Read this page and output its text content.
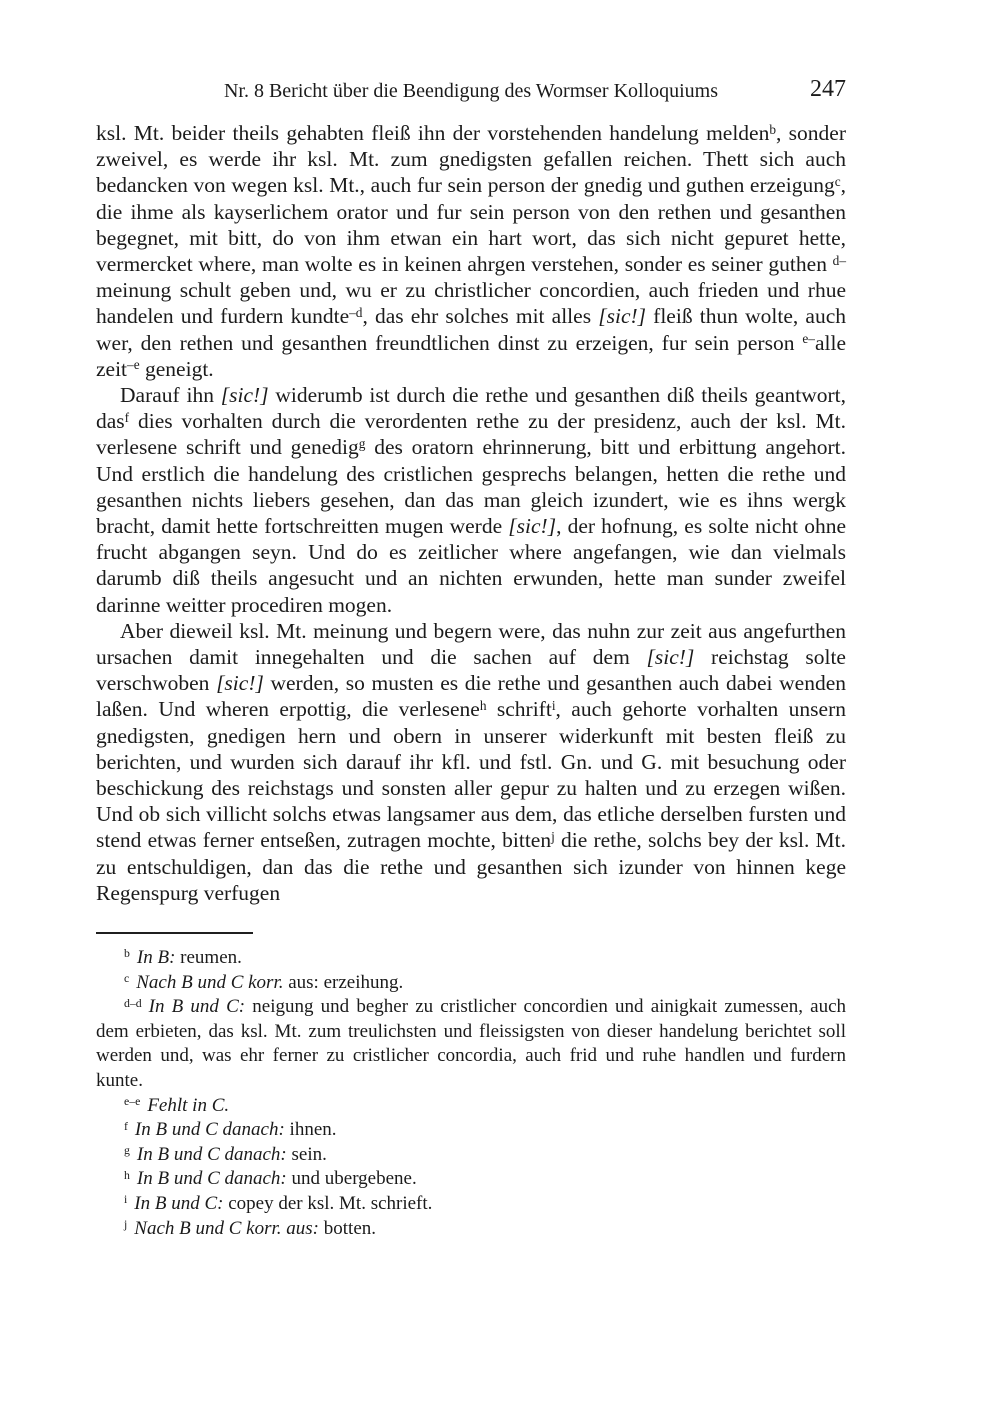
Nr. 8 Bericht über die Beendigung des Wormser Kolloquiums	247

ksl. Mt. beider theils gehabten fleiß ihn der vorstehenden handelung melden$^b$, sonder zweivel, es werde ihr ksl. Mt. zum gnedigsten gefallen reichen. Thett sich auch bedancken von wegen ksl. Mt., auch fur sein person der gnedig und guthen erzeigung$^c$, die ihme als kayserlichem orator und fur sein person von den rethen und gesanthen begegnet, mit bitt, do von ihm etwan ein hart wort, das sich nicht gepuret hette, vermercket where, man wolte es in keinen ahrgen verstehen, sonder es seiner guthen $^{d-}$meinung schult geben und, wu er zu christlicher concordien, auch frieden und rhue handelen und furdern kundte$^{-d}$, das ehr solches mit alles [sic!] fleiß thun wolte, auch wer, den rethen und gesanthen freundtlichen dinst zu erzeigen, fur sein person $^{e-}$alle zeit$^{-e}$ geneigt.

Darauf ihn [sic!] widerumb ist durch die rethe und gesanthen diß theils geantwort, das$^f$ dies vorhalten durch die verordenten rethe zu der presidenz, auch der ksl. Mt. verlesene schrift und genedig$^g$ des oratorn ehrinnerung, bitt und erbittung angehort. Und erstlich die handelung des cristlichen gesprechs belangen, hetten die rethe und gesanthen nichts liebers gesehen, dan das man gleich izundert, wie es ihns wergk bracht, damit hette fortschreitten mugen werde [sic!], der hofnung, es solte nicht ohne frucht abgangen seyn. Und do es zeitlicher where angefangen, wie dan vielmals darumb diß theils angesucht und an nichten erwunden, hette man sunder zweifel darinne weitter procediren mogen.

Aber dieweil ksl. Mt. meinung und begern were, das nuhn zur zeit aus angefurthen ursachen damit innegehalten und die sachen auf dem [sic!] reichstag solte verschwoben [sic!] werden, so musten es die rethe und gesanthen auch dabei wenden laßen. Und wheren erpottig, die verlesene$^h$ schrift$^i$, auch gehorte vorhalten unsern gnedigsten, gnedigen hern und obern in unserer widerkunft mit besten fleiß zu berichten, und wurden sich darauf ihr kfl. und fstl. Gn. und G. mit besuchung oder beschickung des reichstags und sonsten aller gepur zu halten und zu erzegen wißen. Und ob sich villicht solchs etwas langsamer aus dem, das etliche derselben fursten und stend etwas ferner entseßen, zutragen mochte, bitten$^j$ die rethe, solchs bey der ksl. Mt. zu entschuldigen, dan das die rethe und gesanthen sich izunder von hinnen kege Regenspurg verfugen

$^b$ In B: reumen.

$^c$ Nach B und C korr. aus: erzeihung.

$^{d-d}$ In B und C: neigung und begher zu cristlicher concordien und ainigkait zumessen, auch dem erbieten, das ksl. Mt. zum treulichsten und fleissigsten von dieser handelung berichtet soll werden und, was ehr ferner zu cristlicher concordia, auch frid und ruhe handlen und furdern kunte.

$^{e-e}$ Fehlt in C.

$^f$ In B und C danach: ihnen.

$^g$ In B und C danach: sein.

$^h$ In B und C danach: und ubergebene.

$^i$ In B und C: copey der ksl. Mt. schrieft.

$^j$ Nach B und C korr. aus: botten.
